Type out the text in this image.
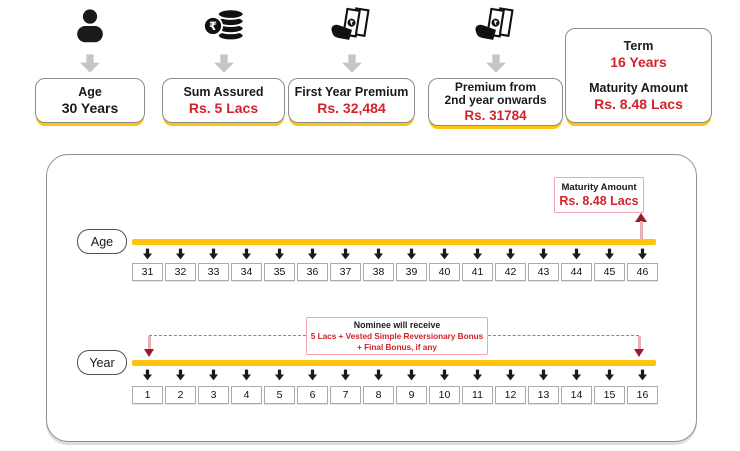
Age
30 Years
₹
Sum Assured
Rs. 5 Lacs
₹
First Year Premium
Rs. 32,484
₹
Premium from
2nd year onwards
Rs. 31784
Term
16 Years
Maturity Amount
Rs. 8.48 Lacs
Age
31	32	33	34	35	36	37	38	39	40	41	42	43	44	45	46
Maturity Amount
Rs. 8.48 Lacs
Year
1	2	3	4	5	6	7	8	9	10	11	12	13	14	15	16
Nominee will receive
5 Lacs + Vested Simple Reversionary Bonus
+ Final Bonus, if any
